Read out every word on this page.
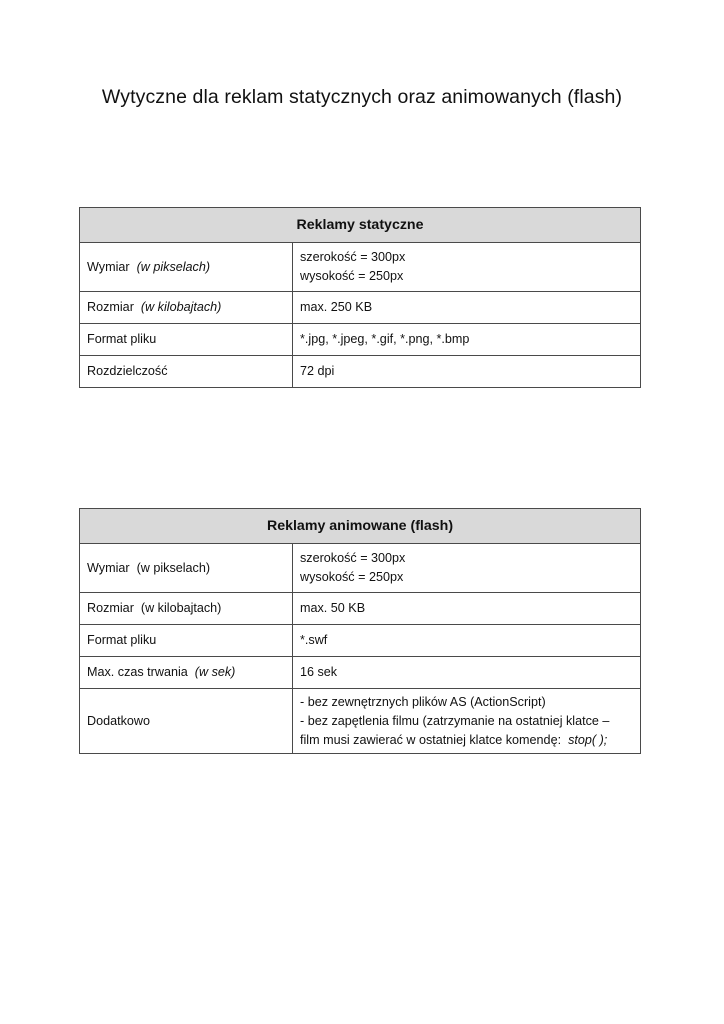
Wytyczne dla reklam statycznych oraz animowanych (flash)
Reklamy statyczne	
Wymiar (w pikselach)	szerokość = 300px
wysokość = 250px

Rozmiar (w kilobajtach)	max. 250 KB

Format pliku	*.jpg, *.jpeg, *.gif, *.png, *.bmp

Rozdzielczość	72 dpi
Reklamy animowane (flash)	
Wymiar (w pikselach)	szerokość = 300px
wysokość = 250px

Rozmiar (w kilobajtach)	max. 50 KB

Format pliku	*.swf

Max. czas trwania (w sek)	16 sek

Dodatkowo	- bez zewnętrznych plików AS (ActionScript)
- bez zapętlenia filmu (zatrzymanie na ostatniej klatce –
film musi zawierać w ostatniej klatce komendę: stop( );
